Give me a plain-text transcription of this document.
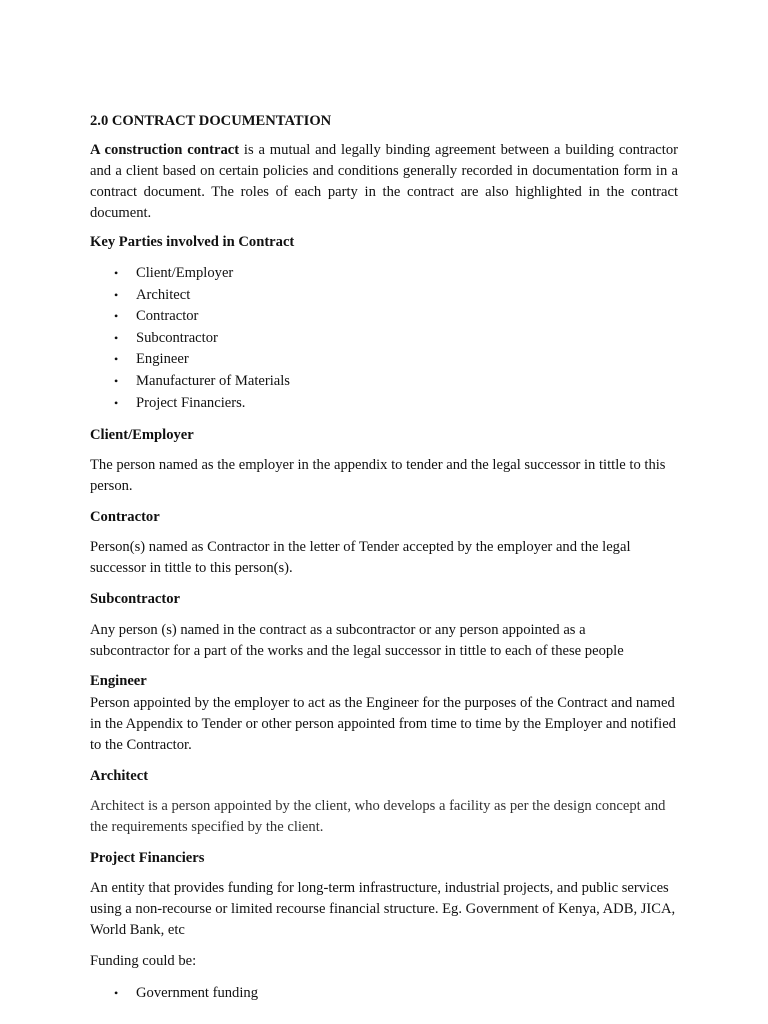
2.0 CONTRACT DOCUMENTATION

A construction contract is a mutual and legally binding agreement between a building contractor and a client based on certain policies and conditions generally recorded in documentation form in a contract document. The roles of each party in the contract are also highlighted in the contract document.

Key Parties involved in Contract

• Client/Employer
• Architect
• Contractor
• Subcontractor
• Engineer
• Manufacturer of Materials
• Project Financiers.

Client/Employer

The person named as the employer in the appendix to tender and the legal successor in tittle to this person.

Contractor

Person(s) named as Contractor in the letter of Tender accepted by the employer and the legal successor in tittle to this person(s).

Subcontractor

Any person (s) named in the contract as a subcontractor or any person appointed as a subcontractor for a part of the works and the legal successor in tittle to each of these people

Engineer

Person appointed by the employer to act as the Engineer for the purposes of the Contract and named in the Appendix to Tender or other person appointed from time to time by the Employer and notified to the Contractor.

Architect

Architect is a person appointed by the client, who develops a facility as per the design concept and the requirements specified by the client.

Project Financiers

An entity that provides funding for long-term infrastructure, industrial projects, and public services using a non-recourse or limited recourse financial structure. Eg. Government of Kenya, ADB, JICA, World Bank, etc

Funding could be:

• Government funding
